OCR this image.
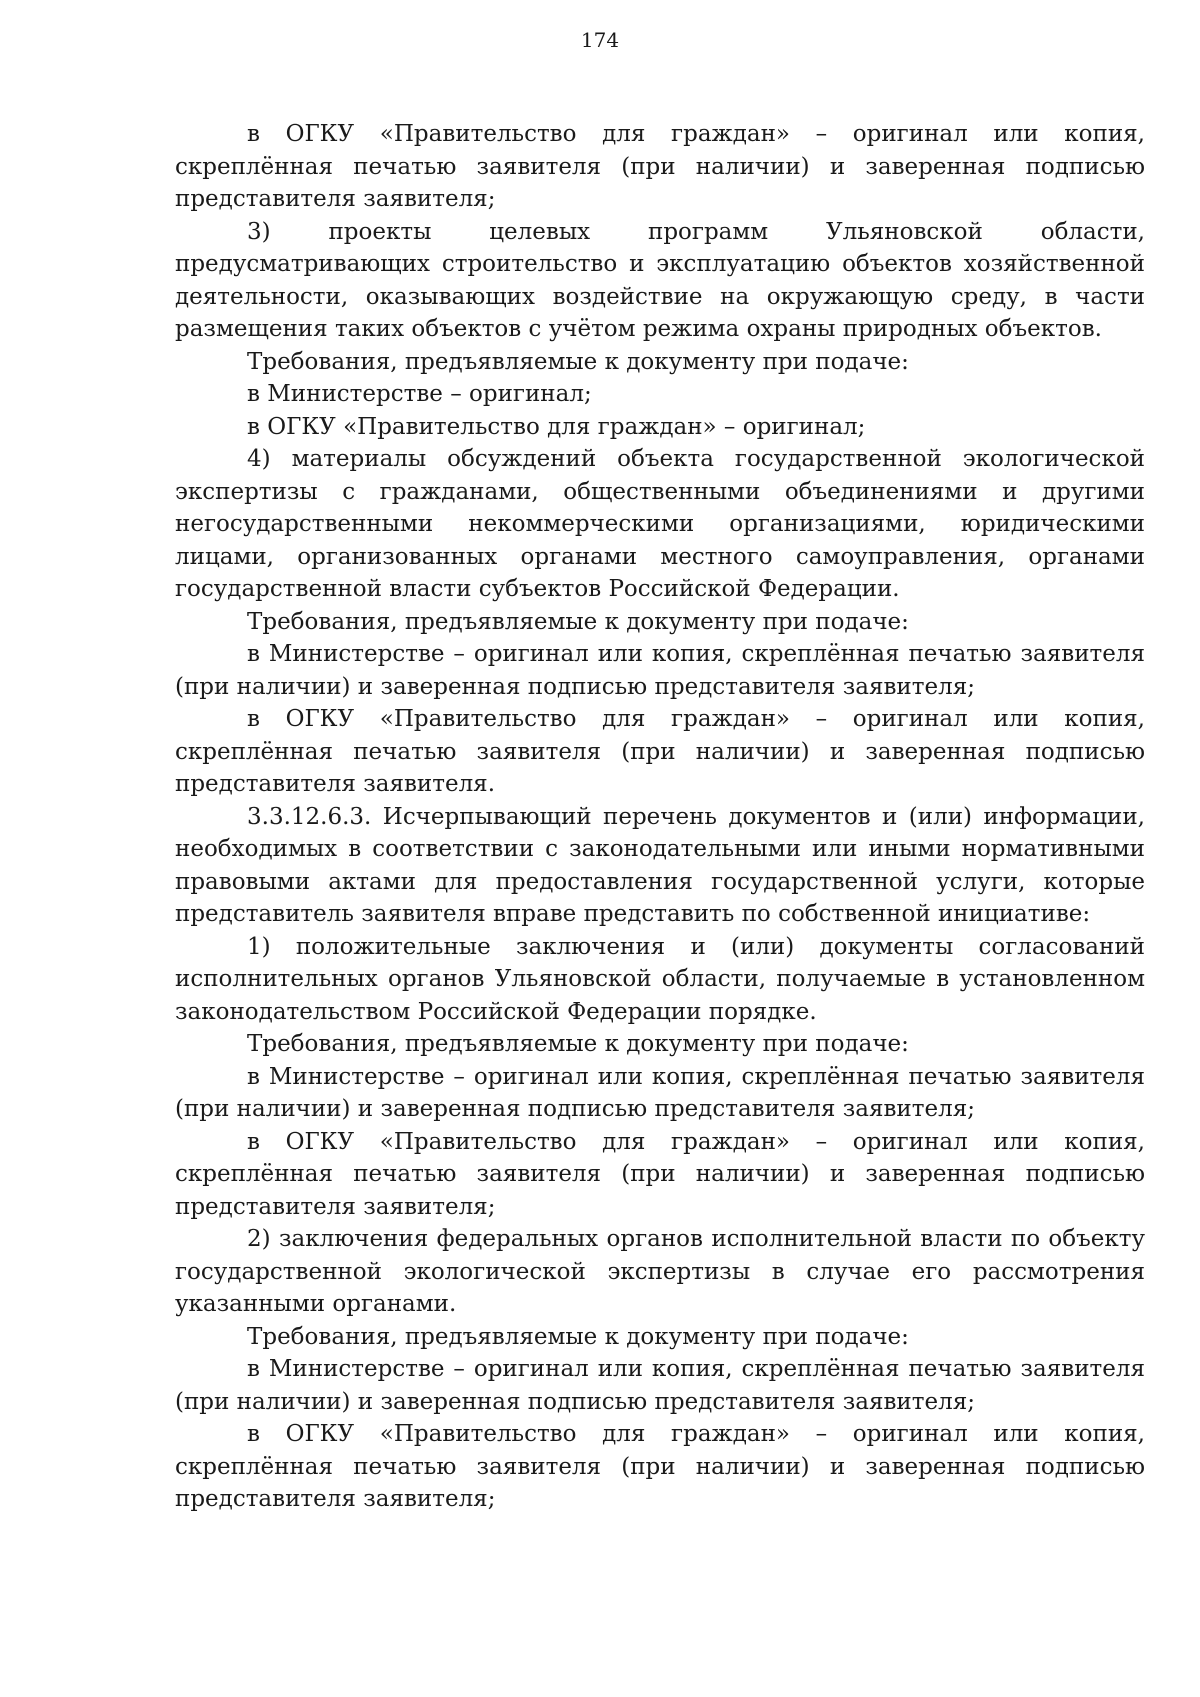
174

в ОГКУ «Правительство для граждан» – оригинал или копия, скреплённая печатью заявителя (при наличии) и заверенная подписью представителя заявителя;

3) проекты целевых программ Ульяновской области, предусматривающих строительство и эксплуатацию объектов хозяйственной деятельности, оказывающих воздействие на окружающую среду, в части размещения таких объектов с учётом режима охраны природных объектов.

Требования, предъявляемые к документу при подаче:

в Министерстве – оригинал;

в ОГКУ «Правительство для граждан» – оригинал;

4) материалы обсуждений объекта государственной экологической экспертизы с гражданами, общественными объединениями и другими негосударственными некоммерческими организациями, юридическими лицами, организованных органами местного самоуправления, органами государственной власти субъектов Российской Федерации.

Требования, предъявляемые к документу при подаче:

в Министерстве – оригинал или копия, скреплённая печатью заявителя (при наличии) и заверенная подписью представителя заявителя;

в ОГКУ «Правительство для граждан» – оригинал или копия, скреплённая печатью заявителя (при наличии) и заверенная подписью представителя заявителя.

3.3.12.6.3. Исчерпывающий перечень документов и (или) информации, необходимых в соответствии с законодательными или иными нормативными правовыми актами для предоставления государственной услуги, которые представитель заявителя вправе представить по собственной инициативе:

1) положительные заключения и (или) документы согласований исполнительных органов Ульяновской области, получаемые в установленном законодательством Российской Федерации порядке.

Требования, предъявляемые к документу при подаче:

в Министерстве – оригинал или копия, скреплённая печатью заявителя (при наличии) и заверенная подписью представителя заявителя;

в ОГКУ «Правительство для граждан» – оригинал или копия, скреплённая печатью заявителя (при наличии) и заверенная подписью представителя заявителя;

2) заключения федеральных органов исполнительной власти по объекту государственной экологической экспертизы в случае его рассмотрения указанными органами.

Требования, предъявляемые к документу при подаче:

в Министерстве – оригинал или копия, скреплённая печатью заявителя (при наличии) и заверенная подписью представителя заявителя;

в ОГКУ «Правительство для граждан» – оригинал или копия, скреплённая печатью заявителя (при наличии) и заверенная подписью представителя заявителя;
